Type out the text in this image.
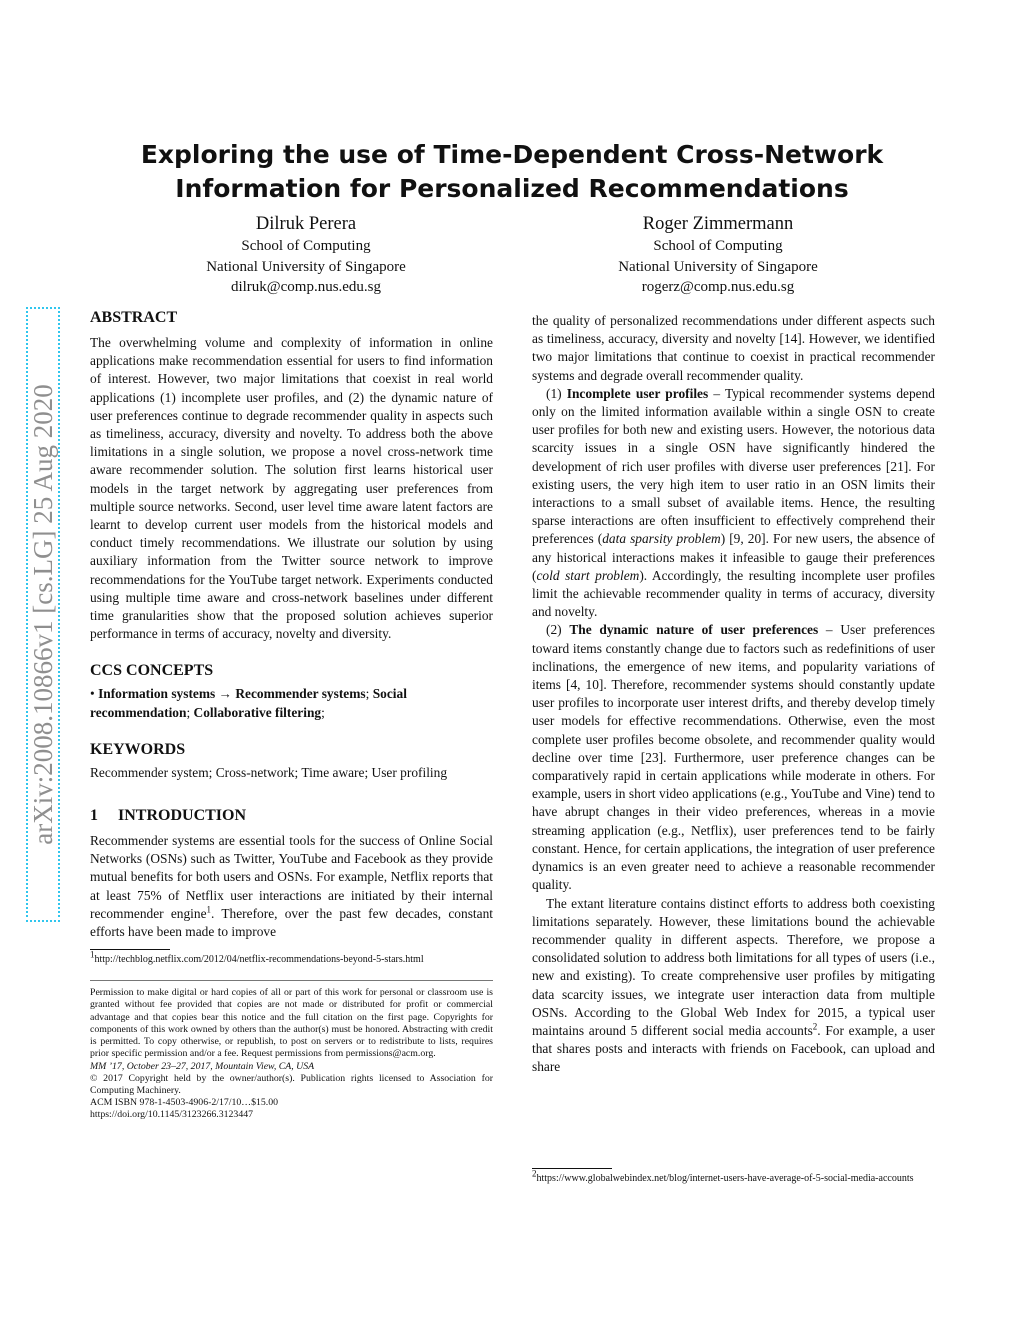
Exploring the use of Time-Dependent Cross-Network
Information for Personalized Recommendations
Dilruk Perera
School of Computing
National University of Singapore
dilruk@comp.nus.edu.sg
Roger Zimmermann
School of Computing
National University of Singapore
rogerz@comp.nus.edu.sg
arXiv:2008.10866v1 [cs.LG] 25 Aug 2020
ABSTRACT

The overwhelming volume and complexity of information in online applications make recommendation essential for users to find information of interest. However, two major limitations that coexist in real world applications (1) incomplete user profiles, and (2) the dynamic nature of user preferences continue to degrade recommender quality in aspects such as timeliness, accuracy, diversity and novelty. To address both the above limitations in a single solution, we propose a novel cross-network time aware recommender solution. The solution first learns historical user models in the target network by aggregating user preferences from multiple source networks. Second, user level time aware latent factors are learnt to develop current user models from the historical models and conduct timely recommendations. We illustrate our solution by using auxiliary information from the Twitter source network to improve recommendations for the YouTube target network. Experiments conducted using multiple time aware and cross-network baselines under different time granularities show that the proposed solution achieves superior performance in terms of accuracy, novelty and diversity.

CCS CONCEPTS

• Information systems → Recommender systems; Social recommendation; Collaborative filtering;

KEYWORDS

Recommender system; Cross-network; Time aware; User profiling

1 INTRODUCTION

Recommender systems are essential tools for the success of Online Social Networks (OSNs) such as Twitter, YouTube and Facebook as they provide mutual benefits for both users and OSNs. For example, Netflix reports that at least 75% of Netflix user interactions are initiated by their internal recommender engine$^1$. Therefore, over the past few decades, constant efforts have been made to improve

$^1$http://techblog.netflix.com/2012/04/netflix-recommendations-beyond-5-stars.html

Permission to make digital or hard copies of all or part of this work for personal or classroom use is granted without fee provided that copies are not made or distributed for profit or commercial advantage and that copies bear this notice and the full citation on the first page. Copyrights for components of this work owned by others than the author(s) must be honored. Abstracting with credit is permitted. To copy otherwise, or republish, to post on servers or to redistribute to lists, requires prior specific permission and/or a fee. Request permissions from permissions@acm.org.

MM ’17, October 23–27, 2017, Mountain View, CA, USA

© 2017 Copyright held by the owner/author(s). Publication rights licensed to Association for Computing Machinery.

ACM ISBN 978-1-4503-4906-2/17/10…$15.00

https://doi.org/10.1145/3123266.3123447

the quality of personalized recommendations under different aspects such as timeliness, accuracy, diversity and novelty [14]. However, we identified two major limitations that continue to coexist in practical recommender systems and degrade overall recommender quality.

(1) Incomplete user profiles – Typical recommender systems depend only on the limited information available within a single OSN to create user profiles for both new and existing users. However, the notorious data scarcity issues in a single OSN have significantly hindered the development of rich user profiles with diverse user preferences [21]. For existing users, the very high item to user ratio in an OSN limits their interactions to a small subset of available items. Hence, the resulting sparse interactions are often insufficient to effectively comprehend their preferences (data sparsity problem) [9, 20]. For new users, the absence of any historical interactions makes it infeasible to gauge their preferences (cold start problem). Accordingly, the resulting incomplete user profiles limit the achievable recommender quality in terms of accuracy, diversity and novelty.

(2) The dynamic nature of user preferences – User preferences toward items constantly change due to factors such as redefinitions of user inclinations, the emergence of new items, and popularity variations of items [4, 10]. Therefore, recommender systems should constantly update user profiles to incorporate user interest drifts, and thereby develop timely user models for effective recommendations. Otherwise, even the most complete user profiles become obsolete, and recommender quality would decline over time [23]. Furthermore, user preference changes can be comparatively rapid in certain applications while moderate in others. For example, users in short video applications (e.g., YouTube and Vine) tend to have abrupt changes in their video preferences, whereas in a movie streaming application (e.g., Netflix), user preferences tend to be fairly constant. Hence, for certain applications, the integration of user preference dynamics is an even greater need to achieve a reasonable recommender quality.

The extant literature contains distinct efforts to address both coexisting limitations separately. However, these limitations bound the achievable recommender quality in different aspects. Therefore, we propose a consolidated solution to address both limitations for all types of users (i.e., new and existing). To create comprehensive user profiles by mitigating data scarcity issues, we integrate user interaction data from multiple OSNs. According to the Global Web Index for 2015, a typical user maintains around 5 different social media accounts$^2$. For example, a user that shares posts and interacts with friends on Facebook, can upload and share

$^2$https://www.globalwebindex.net/blog/internet-users-have-average-of-5-social-media-accounts
